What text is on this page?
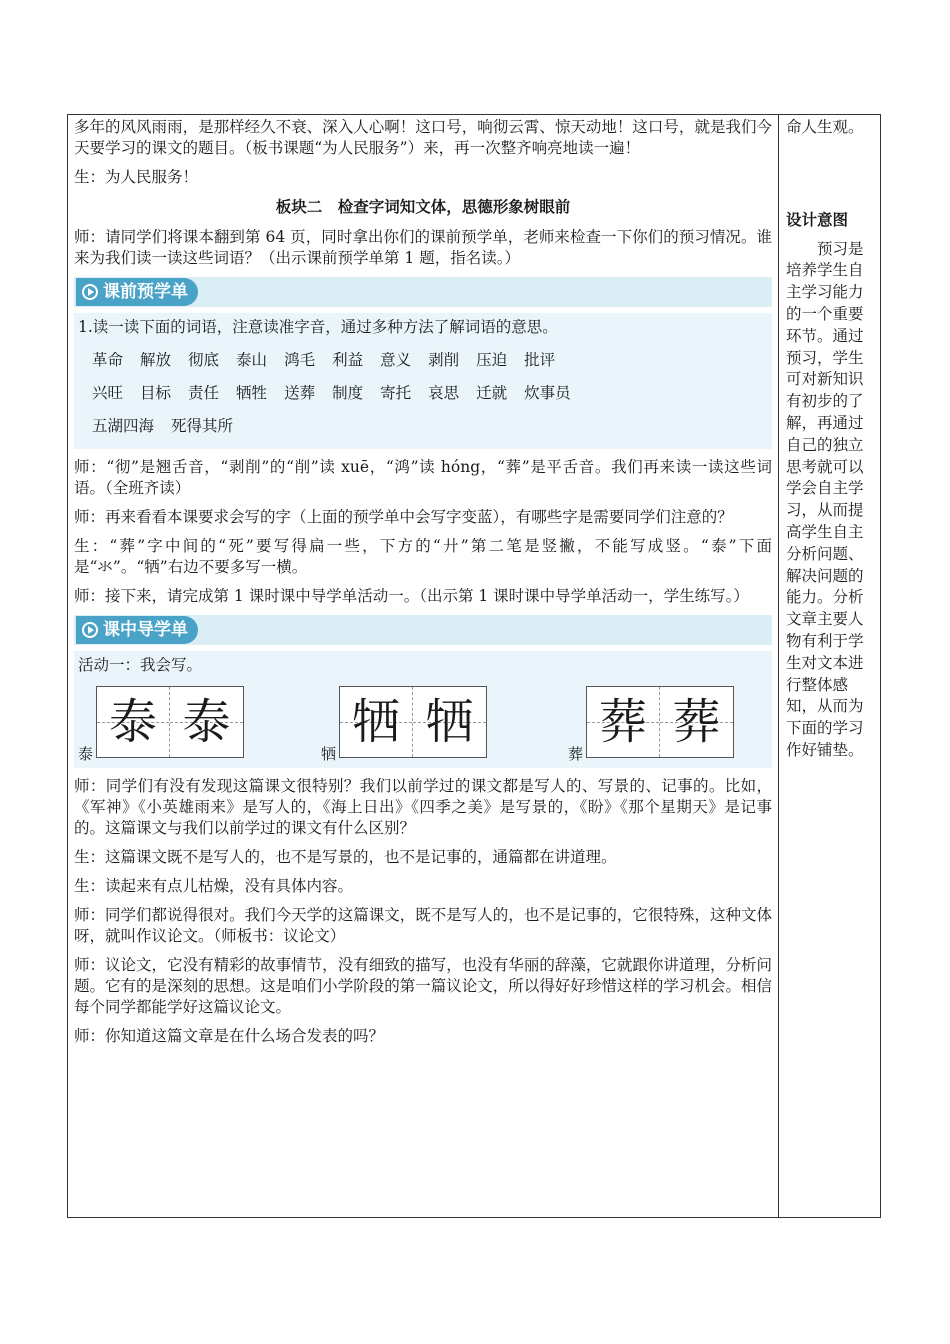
多年的风风雨雨，是那样经久不衰、深入人心啊！这口号，响彻云霄、惊天动地！这口号，就是我们今天要学习的课文的题目。（板书课题“为人民服务”）来，再一次整齐响亮地读一遍！

生：为人民服务！

板块二　检查字词知文体，思德形象树眼前

师：请同学们将课本翻到第 64 页，同时拿出你们的课前预学单，老师来检查一下你们的预习情况。谁来为我们读一读这些词语？（出示课前预学单第 1 题，指名读。）

课前预学单

1.读一读下面的词语，注意读准字音，通过多种方法了解词语的意思。

革命 解放 彻底 泰山 鸿毛 利益 意义 剥削 压迫 批评
兴旺 目标 责任 牺牲 送葬 制度 寄托 哀思 迁就 炊事员
五湖四海 死得其所

师：“彻”是翘舌音，“剥削”的“削”读 xuē，“鸿”读 hóng，“葬”是平舌音。我们再来读一读这些词语。（全班齐读）

师：再来看看本课要求会写的字（上面的预学单中会写字变蓝），有哪些字是需要同学们注意的？

生：“葬”字中间的“死”要写得扁一些，下方的“廾”第二笔是竖撇，不能写成竖。“泰”下面是“氺”。“牺”右边不要多写一横。

师：接下来，请完成第 1 课时课中导学单活动一。（出示第 1 课时课中导学单活动一，学生练写。）

课中导学单

活动一：我会写。

泰
泰 泰
牺
牺 牺
葬
葬 葬

师：同学们有没有发现这篇课文很特别？我们以前学过的课文都是写人的、写景的、记事的。比如，《军神》《小英雄雨来》是写人的，《海上日出》《四季之美》是写景的，《盼》《那个星期天》是记事的。这篇课文与我们以前学过的课文有什么区别？

生：这篇课文既不是写人的，也不是写景的，也不是记事的，通篇都在讲道理。

生：读起来有点儿枯燥，没有具体内容。

师：同学们都说得很对。我们今天学的这篇课文，既不是写人的，也不是记事的，它很特殊，这种文体呀，就叫作议论文。（师板书：议论文）

师：议论文，它没有精彩的故事情节，没有细致的描写，也没有华丽的辞藻，它就跟你讲道理，分析问题。它有的是深刻的思想。这是咱们小学阶段的第一篇议论文，所以得好好珍惜这样的学习机会。相信每个同学都能学好这篇议论文。

师：你知道这篇文章是在什么场合发表的吗？

命人生观。
设计意图
预习是培养学生自主学习能力的一个重要环节。通过预习，学生可对新知识有初步的了解，再通过自己的独立思考就可以学会自主学习，从而提高学生自主分析问题、解决问题的能力。分析文章主要人物有利于学生对文本进行整体感知，从而为下面的学习作好铺垫。
